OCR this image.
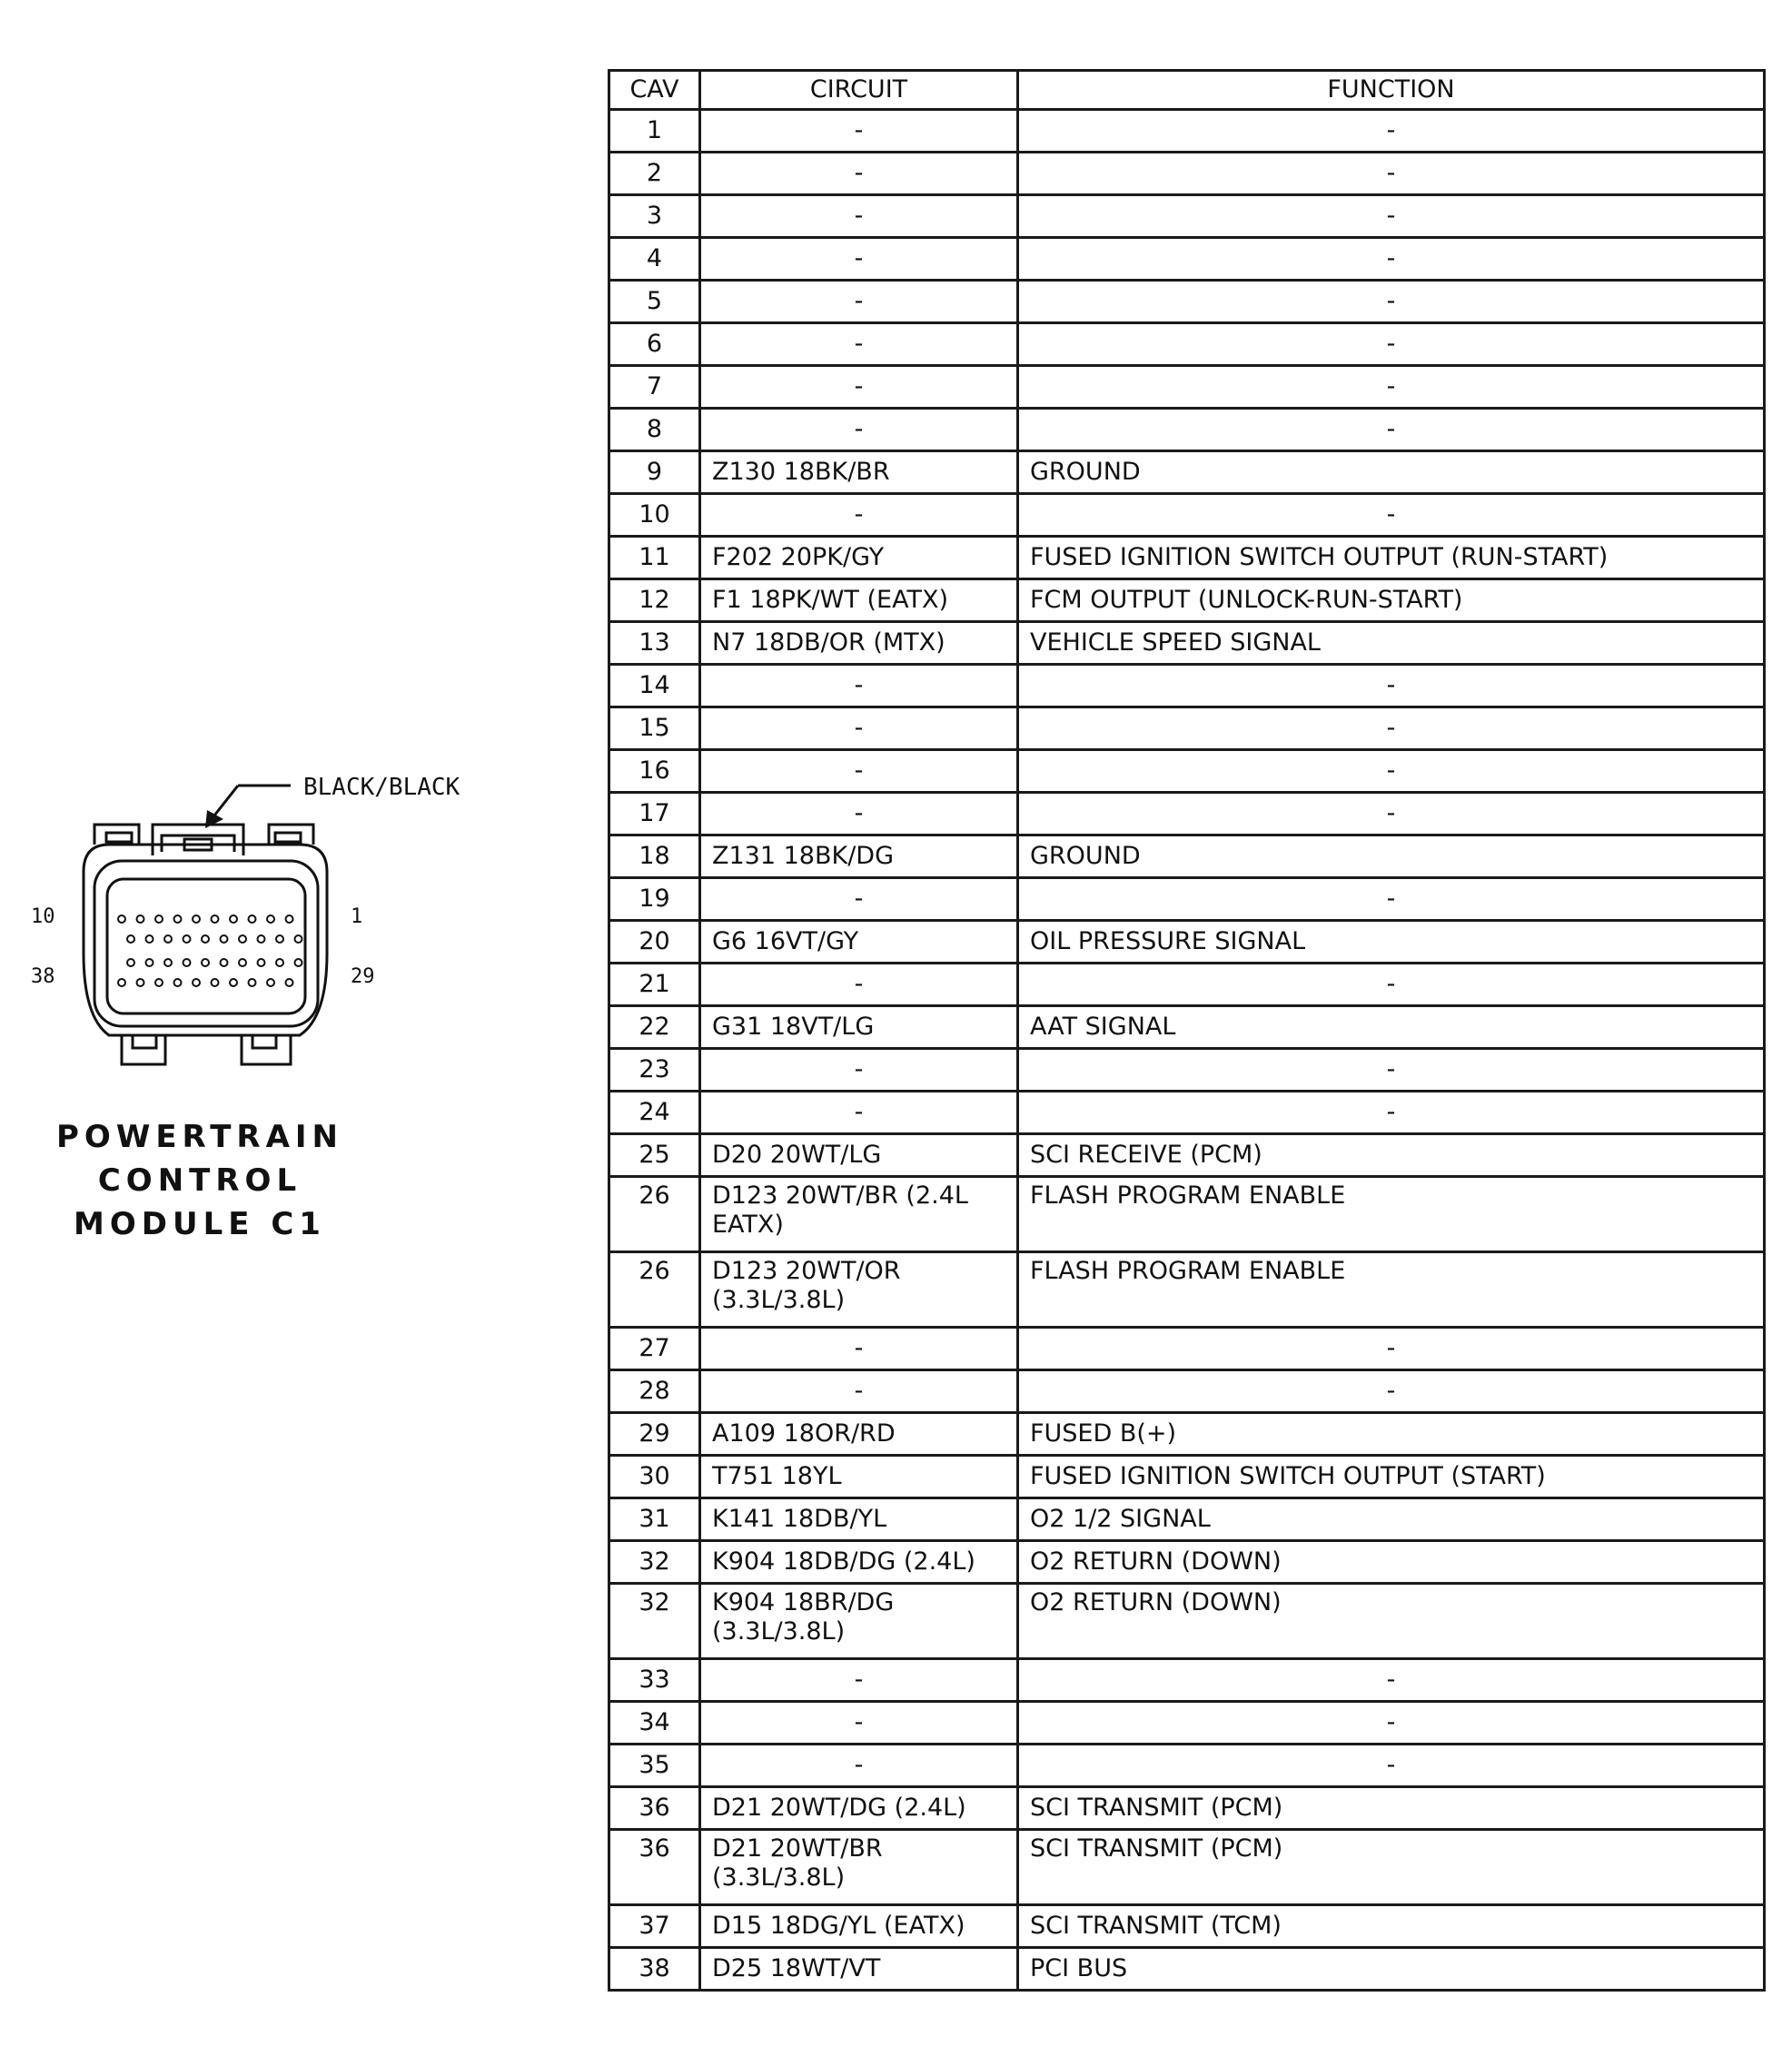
BLACK/BLACK
10	1
38	29
POWERTRAIN
CONTROL
MODULE C1
CAV	CIRCUIT	FUNCTION
1	-	-
2	-	-
3	-	-
4	-	-
5	-	-
6	-	-
7	-	-
8	-	-
9	Z130 18BK/BR	GROUND
10	-	-
11	F202 20PK/GY	FUSED IGNITION SWITCH OUTPUT (RUN-START)
12	F1 18PK/WT (EATX)	FCM OUTPUT (UNLOCK-RUN-START)
13	N7 18DB/OR (MTX)	VEHICLE SPEED SIGNAL
14	-	-
15	-	-
16	-	-
17	-	-
18	Z131 18BK/DG	GROUND
19	-	-
20	G6 16VT/GY	OIL PRESSURE SIGNAL
21	-	-
22	G31 18VT/LG	AAT SIGNAL
23	-	-
24	-	-
25	D20 20WT/LG	SCI RECEIVE (PCM)
26	D123 20WT/BR (2.4L EATX)	FLASH PROGRAM ENABLE
26	D123 20WT/OR (3.3L/3.8L)	FLASH PROGRAM ENABLE
27	-	-
28	-	-
29	A109 18OR/RD	FUSED B(+)
30	T751 18YL	FUSED IGNITION SWITCH OUTPUT (START)
31	K141 18DB/YL	O2 1/2 SIGNAL
32	K904 18DB/DG (2.4L)	O2 RETURN (DOWN)
32	K904 18BR/DG (3.3L/3.8L)	O2 RETURN (DOWN)
33	-	-
34	-	-
35	-	-
36	D21 20WT/DG (2.4L)	SCI TRANSMIT (PCM)
36	D21 20WT/BR (3.3L/3.8L)	SCI TRANSMIT (PCM)
37	D15 18DG/YL (EATX)	SCI TRANSMIT (TCM)
38	D25 18WT/VT	PCI BUS
